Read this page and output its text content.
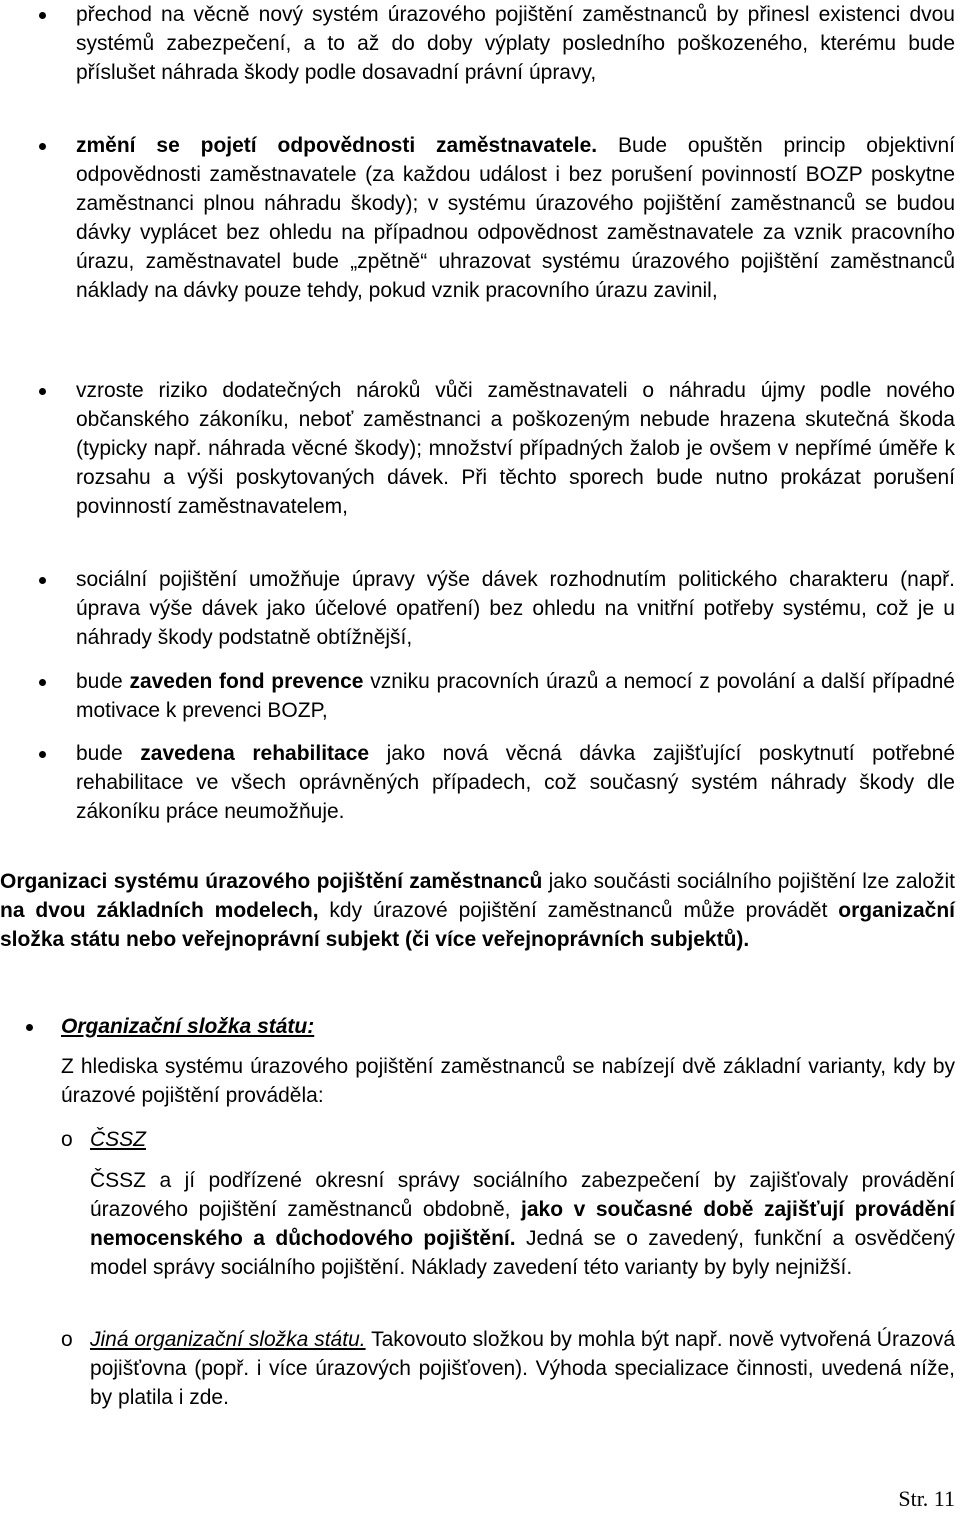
přechod na věcně nový systém úrazového pojištění zaměstnanců by přinesl existenci dvou systémů zabezpečení, a to až do doby výplaty posledního poškozeného, kterému bude příslušet náhrada škody podle dosavadní právní úpravy,

změní se pojetí odpovědnosti zaměstnavatele. Bude opuštěn princip objektivní odpovědnosti zaměstnavatele (za každou událost i bez porušení povinností BOZP poskytne zaměstnanci plnou náhradu škody); v systému úrazového pojištění zaměstnanců se budou dávky vyplácet bez ohledu na případnou odpovědnost zaměstnavatele za vznik pracovního úrazu, zaměstnavatel bude „zpětně“ uhrazovat systému úrazového pojištění zaměstnanců náklady na dávky pouze tehdy, pokud vznik pracovního úrazu zavinil,

vzroste riziko dodatečných nároků vůči zaměstnavateli o náhradu újmy podle nového občanského zákoníku, neboť zaměstnanci a poškozeným nebude hrazena skutečná škoda (typicky např. náhrada věcné škody); množství případných žalob je ovšem v nepřímé úměře k rozsahu a výši poskytovaných dávek. Při těchto sporech bude nutno prokázat porušení povinností zaměstnavatelem,

sociální pojištění umožňuje úpravy výše dávek rozhodnutím politického charakteru (např. úprava výše dávek jako účelové opatření) bez ohledu na vnitřní potřeby systému, což je u náhrady škody podstatně obtížnější,

bude zaveden fond prevence vzniku pracovních úrazů a nemocí z povolání a další případné motivace k prevenci BOZP,

bude zavedena rehabilitace jako nová věcná dávka zajišťující poskytnutí potřebné rehabilitace ve všech oprávněných případech, což současný systém náhrady škody dle zákoníku práce neumožňuje.

Organizaci systému úrazového pojištění zaměstnanců jako součásti sociálního pojištění lze založit na dvou základních modelech, kdy úrazové pojištění zaměstnanců může provádět organizační složka státu nebo veřejnoprávní subjekt (či více veřejnoprávních subjektů).

Organizační složka státu:

Z hlediska systému úrazového pojištění zaměstnanců se nabízejí dvě základní varianty, kdy by úrazové pojištění prováděla:

o ČSSZ

ČSSZ a jí podřízené okresní správy sociálního zabezpečení by zajišťovaly provádění úrazového pojištění zaměstnanců obdobně, jako v současné době zajišťují provádění nemocenského a důchodového pojištění. Jedná se o zavedený, funkční a osvědčený model správy sociálního pojištění. Náklady zavedení této varianty by byly nejnižší.

o Jiná organizační složka státu. Takovouto složkou by mohla být např. nově vytvořená Úrazová pojišťovna (popř. i více úrazových pojišťoven). Výhoda specializace činnosti, uvedená níže, by platila i zde.

Str. 11
